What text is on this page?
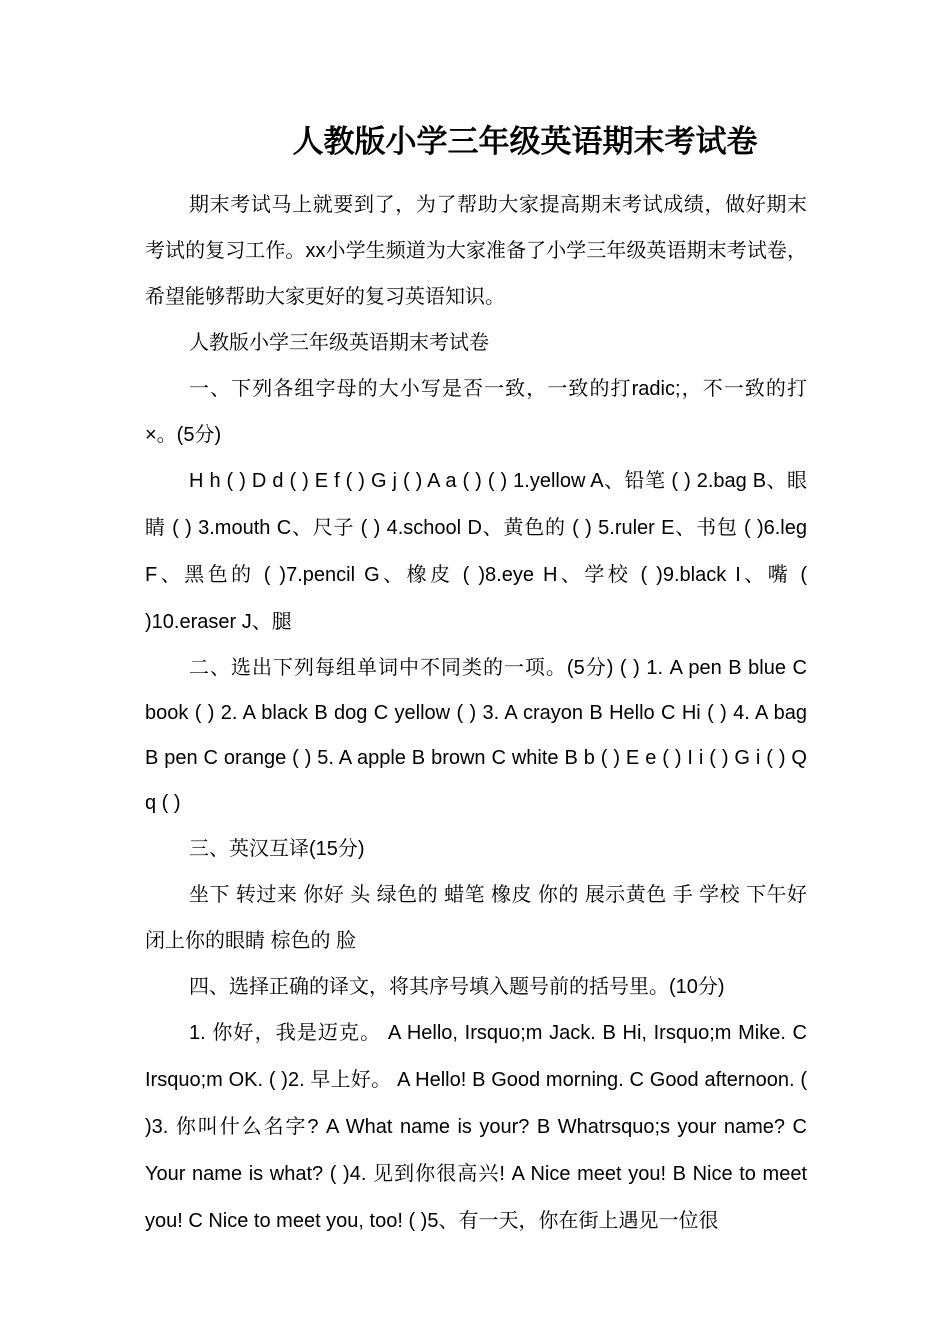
人教版小学三年级英语期末考试卷

期末考试马上就要到了，为了帮助大家提高期末考试成绩，做好期末考试的复习工作。xx小学生频道为大家准备了小学三年级英语期末考试卷，希望能够帮助大家更好的复习英语知识。

人教版小学三年级英语期末考试卷

一、下列各组字母的大小写是否一致，一致的打radic;，不一致的打×。(5分)

H h ( ) D d ( ) E f ( ) G j ( ) A a ( ) ( ) 1.yellow A、铅笔 ( ) 2.bag B、眼睛 ( ) 3.mouth C、尺子 ( ) 4.school D、黄色的 ( ) 5.ruler E、书包 ( )6.leg F、黑色的 ( )7.pencil G、橡皮 ( )8.eye H、学校 ( )9.black I、嘴 ( )10.eraser J、腿

二、选出下列每组单词中不同类的一项。(5分) ( ) 1. A pen B blue C book ( ) 2. A black B dog C yellow ( ) 3. A crayon B Hello C Hi ( ) 4. A bag B pen C orange ( ) 5. A apple B brown C white B b ( ) E e ( ) I i ( ) G i ( ) Q q ( )

三、英汉互译(15分)

坐下 转过来 你好 头 绿色的 蜡笔 橡皮 你的 展示黄色 手 学校 下午好 闭上你的眼睛 棕色的 脸

四、选择正确的译文，将其序号填入题号前的括号里。(10分)

1. 你好，我是迈克。 A Hello, Irsquo;m Jack. B Hi, Irsquo;m Mike. C Irsquo;m OK. ( )2. 早上好。 A Hello! B Good morning. C Good afternoon. ( )3. 你叫什么名字? A What name is your? B Whatrsquo;s your name? C Your name is what? ( )4. 见到你很高兴! A Nice meet you! B Nice to meet you! C Nice to meet you, too! ( )5、有一天，你在街上遇见一位很
